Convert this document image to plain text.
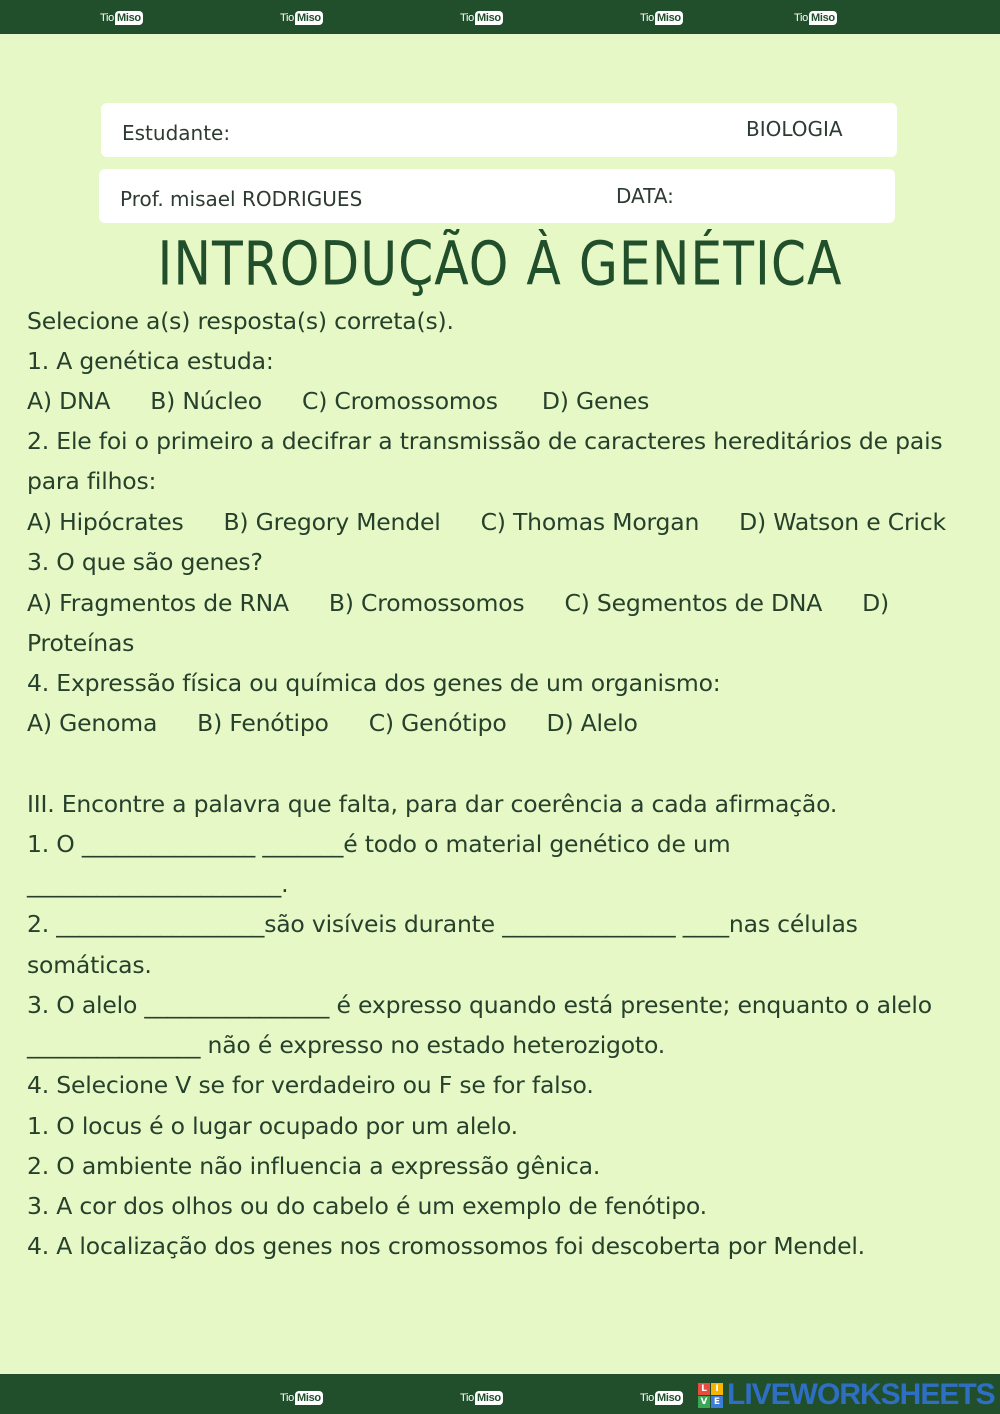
Tio Miso	Tio Miso	Tio Miso	Tio Miso	Tio Miso
Estudante:	BIOLOGIA
Prof. misael RODRIGUES	DATA:
INTRODUÇÃO À GENÉTICA
Selecione a(s) resposta(s) correta(s).
1. A genética estuda:
A) DNA B) Núcleo C) Cromossomos D) Genes
2. Ele foi o primeiro a decifrar a transmissão de caracteres hereditários de pais
para filhos:
A) Hipócrates B) Gregory Mendel C) Thomas Morgan D) Watson e Crick
3. O que são genes?
A) Fragmentos de RNA B) Cromossomos C) Segmentos de DNA D)
Proteínas
4. Expressão física ou química dos genes de um organismo:
A) Genoma B) Fenótipo C) Genótipo D) Alelo
III. Encontre a palavra que falta, para dar coerência a cada afirmação.
1. O _______________ _______é todo o material genético de um
______________________.
2. __________________são visíveis durante _______________ ____nas células
somáticas.
3. O alelo ________________ é expresso quando está presente; enquanto o alelo
_______________ não é expresso no estado heterozigoto.
4. Selecione V se for verdadeiro ou F se for falso.
1. O locus é o lugar ocupado por um alelo.
2. O ambiente não influencia a expressão gênica.
3. A cor dos olhos ou do cabelo é um exemplo de fenótipo.
4. A localização dos genes nos cromossomos foi descoberta por Mendel.
Tio Miso	Tio Miso	Tio Miso
L I
V E LIVEWORKSHEETS
